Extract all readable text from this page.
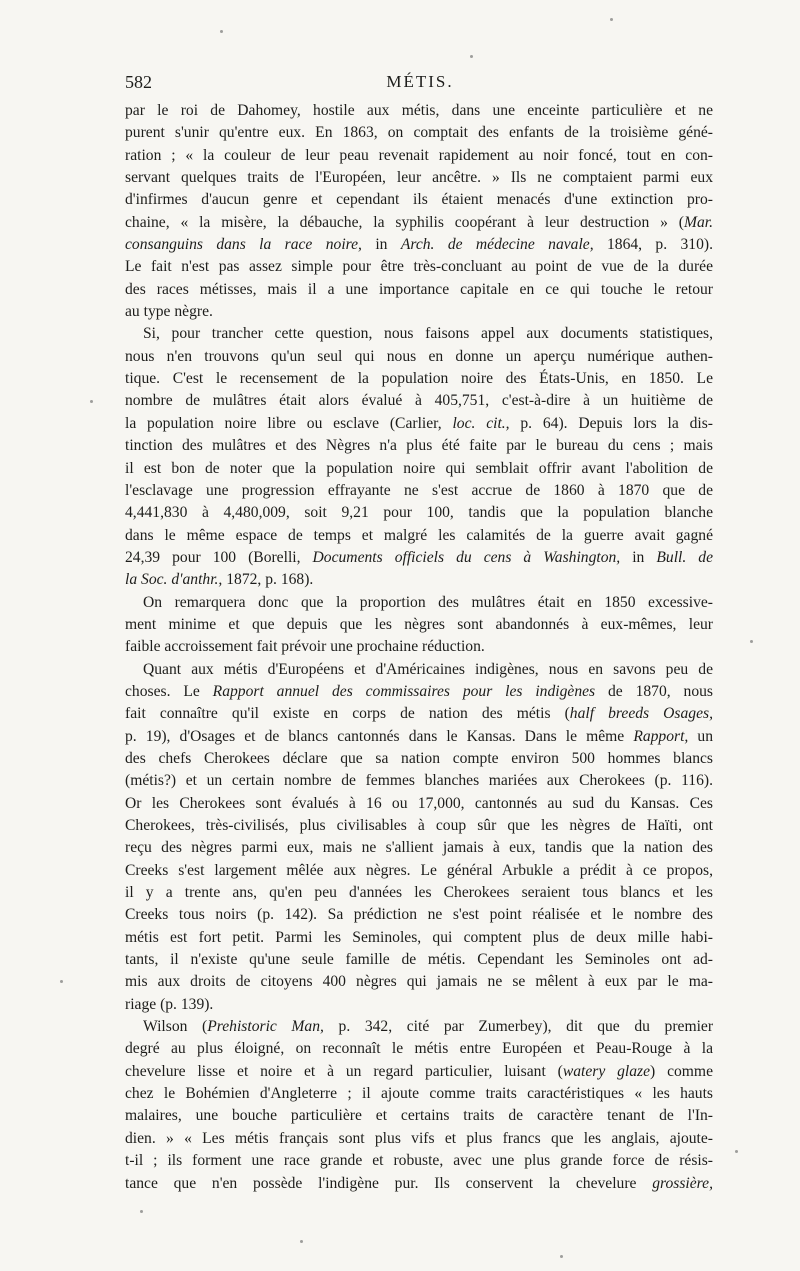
582	MÉTIS.
par le roi de Dahomey, hostile aux métis, dans une enceinte particulière et ne
purent s'unir qu'entre eux. En 1863, on comptait des enfants de la troisième géné-
ration ; « la couleur de leur peau revenait rapidement au noir foncé, tout en con-
servant quelques traits de l'Européen, leur ancêtre. » Ils ne comptaient parmi eux
d'infirmes d'aucun genre et cependant ils étaient menacés d'une extinction pro-
chaine, « la misère, la débauche, la syphilis coopérant à leur destruction » (Mar.
consanguins dans la race noire, in Arch. de médecine navale, 1864, p. 310).
Le fait n'est pas assez simple pour être très-concluant au point de vue de la durée
des races métisses, mais il a une importance capitale en ce qui touche le retour
au type nègre.
Si, pour trancher cette question, nous faisons appel aux documents statistiques,
nous n'en trouvons qu'un seul qui nous en donne un aperçu numérique authen-
tique. C'est le recensement de la population noire des États-Unis, en 1850. Le
nombre de mulâtres était alors évalué à 405,751, c'est-à-dire à un huitième de
la population noire libre ou esclave (Carlier, loc. cit., p. 64). Depuis lors la dis-
tinction des mulâtres et des Nègres n'a plus été faite par le bureau du cens ; mais
il est bon de noter que la population noire qui semblait offrir avant l'abolition de
l'esclavage une progression effrayante ne s'est accrue de 1860 à 1870 que de
4,441,830 à 4,480,009, soit 9,21 pour 100, tandis que la population blanche
dans le même espace de temps et malgré les calamités de la guerre avait gagné
24,39 pour 100 (Borelli, Documents officiels du cens à Washington, in Bull. de
la Soc. d'anthr., 1872, p. 168).
On remarquera donc que la proportion des mulâtres était en 1850 excessive-
ment minime et que depuis que les nègres sont abandonnés à eux-mêmes, leur
faible accroissement fait prévoir une prochaine réduction.
Quant aux métis d'Européens et d'Américaines indigènes, nous en savons peu de
choses. Le Rapport annuel des commissaires pour les indigènes de 1870, nous
fait connaître qu'il existe en corps de nation des métis (half breeds Osages,
p. 19), d'Osages et de blancs cantonnés dans le Kansas. Dans le même Rapport, un
des chefs Cherokees déclare que sa nation compte environ 500 hommes blancs
(métis?) et un certain nombre de femmes blanches mariées aux Cherokees (p. 116).
Or les Cherokees sont évalués à 16 ou 17,000, cantonnés au sud du Kansas. Ces
Cherokees, très-civilisés, plus civilisables à coup sûr que les nègres de Haïti, ont
reçu des nègres parmi eux, mais ne s'allient jamais à eux, tandis que la nation des
Creeks s'est largement mêlée aux nègres. Le général Arbukle a prédit à ce propos,
il y a trente ans, qu'en peu d'années les Cherokees seraient tous blancs et les
Creeks tous noirs (p. 142). Sa prédiction ne s'est point réalisée et le nombre des
métis est fort petit. Parmi les Seminoles, qui comptent plus de deux mille habi-
tants, il n'existe qu'une seule famille de métis. Cependant les Seminoles ont ad-
mis aux droits de citoyens 400 nègres qui jamais ne se mêlent à eux par le ma-
riage (p. 139).
Wilson (Prehistoric Man, p. 342, cité par Zumerbey), dit que du premier
degré au plus éloigné, on reconnaît le métis entre Européen et Peau-Rouge à la
chevelure lisse et noire et à un regard particulier, luisant (watery glaze) comme
chez le Bohémien d'Angleterre ; il ajoute comme traits caractéristiques « les hauts
malaires, une bouche particulière et certains traits de caractère tenant de l'In-
dien. » « Les métis français sont plus vifs et plus francs que les anglais, ajoute-
t-il ; ils forment une race grande et robuste, avec une plus grande force de résis-
tance que n'en possède l'indigène pur. Ils conservent la chevelure grossière,
